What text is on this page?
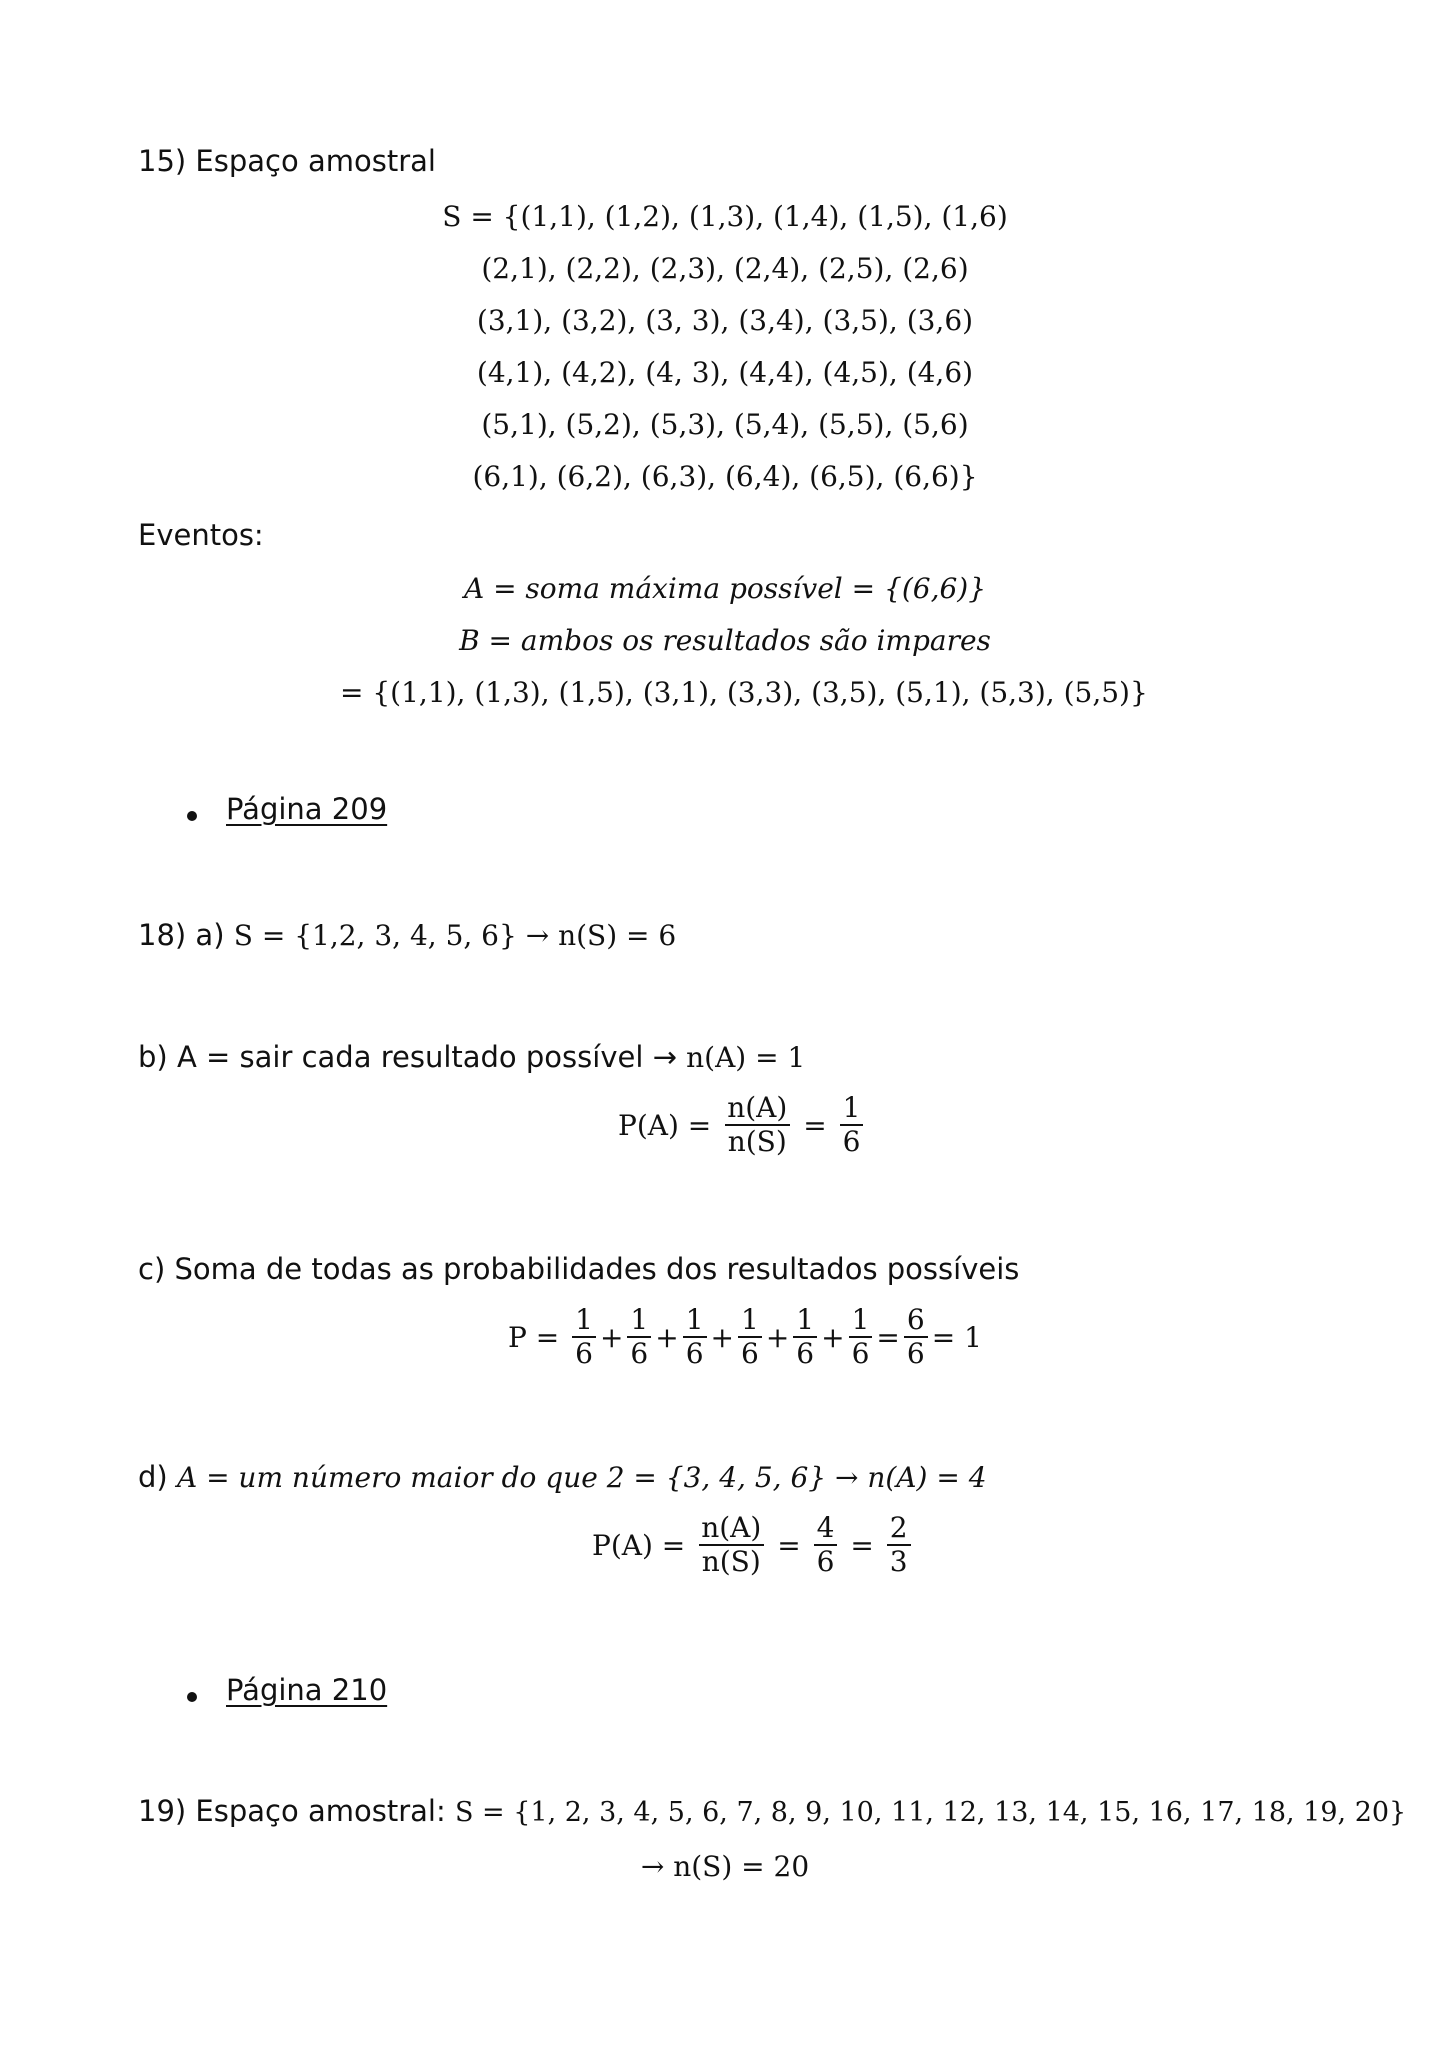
15) Espaço amostral
S = {(1,1), (1,2), (1,3), (1,4), (1,5), (1,6)
(2,1), (2,2), (2,3), (2,4), (2,5), (2,6)
(3,1), (3,2), (3, 3), (3,4), (3,5), (3,6)
(4,1), (4,2), (4, 3), (4,4), (4,5), (4,6)
(5,1), (5,2), (5,3), (5,4), (5,5), (5,6)
(6,1), (6,2), (6,3), (6,4), (6,5), (6,6)}
Eventos:
A = soma máxima possível = {(6,6)}
B = ambos os resultados são impares
= {(1,1), (1,3), (1,5), (3,1), (3,3), (3,5), (5,1), (5,3), (5,5)}
Página 209
18) a) S = {1,2, 3, 4, 5, 6} → n(S) = 6
b) A = sair cada resultado possível → n(A) = 1
$P(A) = \frac{n(A)}{n(S)} = \frac{1}{6}$
c) Soma de todas as probabilidades dos resultados possíveis
$P = \frac{1}{6} + \frac{1}{6} + \frac{1}{6} + \frac{1}{6} + \frac{1}{6} + \frac{1}{6} = \frac{6}{6} = 1$
d) A = um número maior do que 2 = {3, 4, 5, 6} → n(A) = 4
$P(A) = \frac{n(A)}{n(S)} = \frac{4}{6} = \frac{2}{3}$
Página 210
19) Espaço amostral: S = {1, 2, 3, 4, 5, 6, 7, 8, 9, 10, 11, 12, 13, 14, 15, 16, 17, 18, 19, 20}
→ n(S) = 20
